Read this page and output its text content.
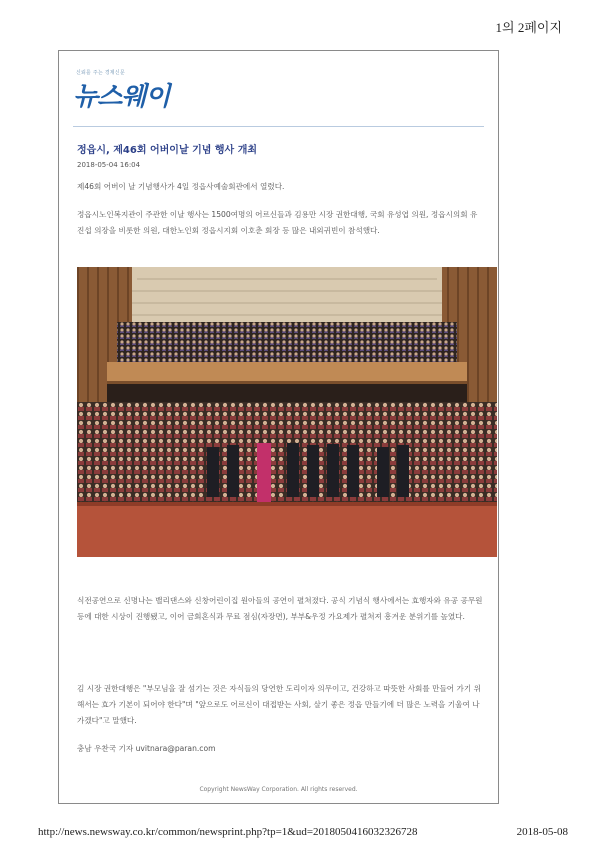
1의 2페이지
신뢰를 주는 경제신문
뉴스웨이
정읍시, 제46회 어버이날 기념 행사 개최
2018-05-04 16:04

제46회 어버이 날 기념행사가 4일 정읍사예술회관에서 열렸다.

정읍시노인복지관이 주관한 이날 행사는 1500여명의 어르신들과 김용만 시장 권한대행, 국회 유성엽 의원, 정읍시의회 유진섭 의장을 비롯한 의원, 대한노인회 정읍시지회 이호춘 회장 등 많은 내외귀빈이 참석했다.

식전공연으로 신명나는 밸리댄스와 신창어린이집 원아들의 공연이 펼쳐졌다. 공식 기념식 행사에서는 효행자와 유공 공무원 등에 대한 시상이 진행됐고, 이어 금회혼식과 무료 점심(자장면), 부부&우정 가요제가 펼쳐져 흥겨운 분위기를 높였다.

김 시장 권한대행은 "부모님을 잘 섬기는 것은 자식들의 당연한 도리이자 의무이고, 건강하고 따뜻한 사회를 만들어 가기 위해서는 효가 기본이 되어야 한다"며 "앞으로도 어르신이 대접받는 사회, 살기 좋은 정읍 만들기에 더 많은 노력을 기울여 나가겠다"고 말했다.

충남 우찬국 기자 uvitnara@paran.com

Copyright NewsWay Corporation. All rights reserved.
http://news.newsway.co.kr/common/newsprint.php?tp=1&ud=2018050416032326728	2018-05-08
